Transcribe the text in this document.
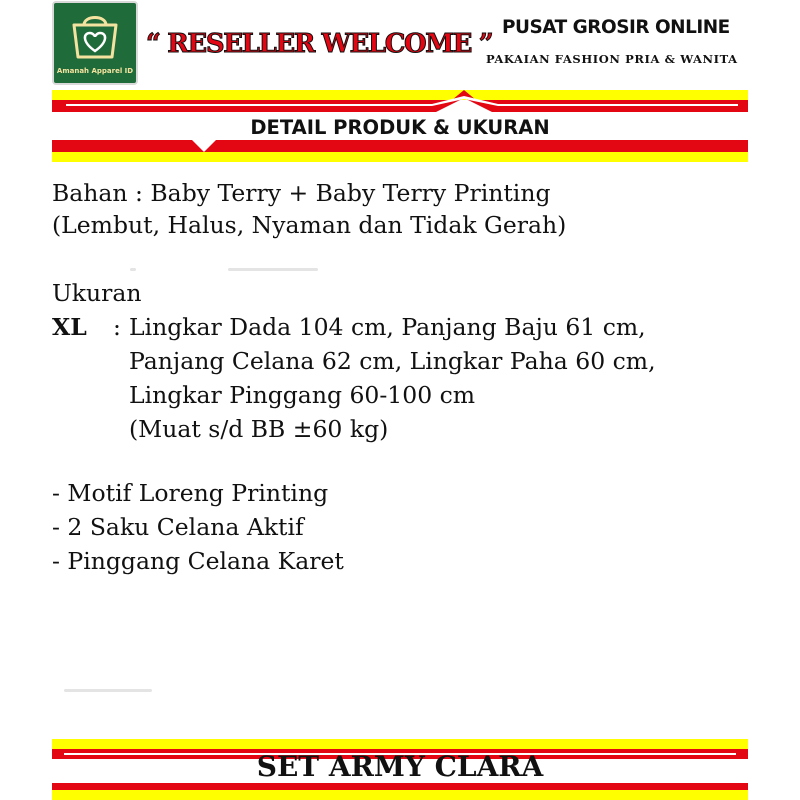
Amanah Apparel ID
“ RESELLER WELCOME ”
PUSAT GROSIR ONLINE
PAKAIAN FASHION PRIA & WANITA
DETAIL PRODUK & UKURAN
Bahan : Baby Terry + Baby Terry Printing
(Lembut, Halus, Nyaman dan Tidak Gerah)
Ukuran
XL : Lingkar Dada 104 cm, Panjang Baju 61 cm,
Panjang Celana 62 cm, Lingkar Paha 60 cm,
Lingkar Pinggang 60-100 cm
(Muat s/d BB ±60 kg)
- Motif Loreng Printing
- 2 Saku Celana Aktif
- Pinggang Celana Karet
SET ARMY CLARA
